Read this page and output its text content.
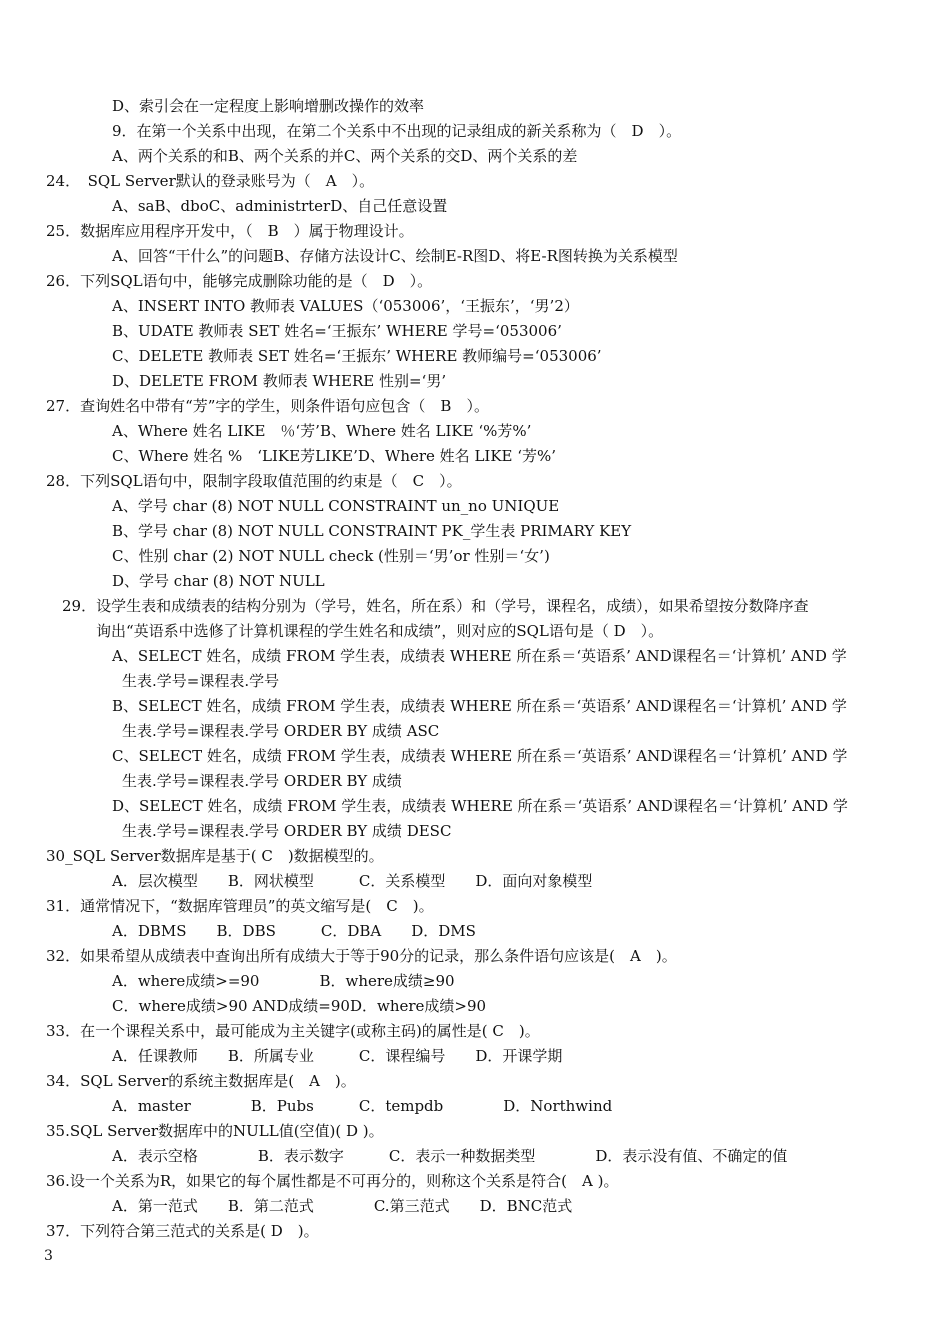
D、索引会在一定程度上影响增删改操作的效率
9．在第一个关系中出现，在第二个关系中不出现的记录组成的新关系称为（　D　）。
A、两个关系的和B、两个关系的并C、两个关系的交D、两个关系的差
24．　SQL Server默认的登录账号为（　A　）。
A、saB、dboC、administrterD、自己任意设置
25．数据库应用程序开发中，（　B　）属于物理设计。
A、回答“干什么”的问题B、存储方法设计C、绘制E-R图D、将E-R图转换为关系模型
26．下列SQL语句中，能够完成删除功能的是（　D　）。
A、INSERT INTO 教师表 VALUES（‘053006’，‘王振东’，‘男’2）
B、UDATE 教师表 SET 姓名=‘王振东’ WHERE 学号=‘053006’
C、DELETE 教师表 SET 姓名=‘王振东’ WHERE 教师编号=‘053006’
D、DELETE FROM 教师表 WHERE 性别=‘男’
27．查询姓名中带有“芳”字的学生，则条件语句应包含（　B　）。
A、Where 姓名 LIKE　％‘芳’B、Where 姓名 LIKE ‘%芳%’
C、Where 姓名 %　‘LIKE芳LIKE’D、Where 姓名 LIKE ‘芳%’
28．下列SQL语句中，限制字段取值范围的约束是（　C　）。
A、学号 char (8) NOT NULL CONSTRAINT un_no UNIQUE
B、学号 char (8) NOT NULL CONSTRAINT PK_学生表 PRIMARY KEY
C、性别 char (2) NOT NULL check (性别＝‘男’or 性别＝‘女’)
D、学号 char (8) NOT NULL
29．设学生表和成绩表的结构分别为（学号，姓名，所在系）和（学号，课程名，成绩），如果希望按分数降序查
询出“英语系中选修了计算机课程的学生姓名和成绩”，则对应的SQL语句是（ D　）。
A、SELECT 姓名，成绩 FROM 学生表，成绩表 WHERE 所在系＝‘英语系’ AND课程名＝‘计算机’ AND 学
生表.学号=课程表.学号
B、SELECT 姓名，成绩 FROM 学生表，成绩表 WHERE 所在系＝‘英语系’ AND课程名＝‘计算机’ AND 学
生表.学号=课程表.学号 ORDER BY 成绩 ASC
C、SELECT 姓名，成绩 FROM 学生表，成绩表 WHERE 所在系＝‘英语系’ AND课程名＝‘计算机’ AND 学
生表.学号=课程表.学号 ORDER BY 成绩
D、SELECT 姓名，成绩 FROM 学生表，成绩表 WHERE 所在系＝‘英语系’ AND课程名＝‘计算机’ AND 学
生表.学号=课程表.学号 ORDER BY 成绩 DESC
30_SQL Server数据库是基于( C　)数据模型的。
A．层次模型　　B．网状模型　　　C．关系模型　　D．面向对象模型
31．通常情况下，“数据库管理员”的英文缩写是(　C　)。
A．DBMS　　B．DBS　　　C．DBA　　D．DMS
32．如果希望从成绩表中查询出所有成绩大于等于90分的记录，那么条件语句应该是(　A　)。
A．where成绩>=90　　　　B．where成绩≥90
C．where成绩>90 AND成绩=90D．where成绩>90
33．在一个课程关系中，最可能成为主关键字(或称主码)的属性是( C　)。
A．任课教师　　B．所属专业　　　C．课程编号　　D．开课学期
34．SQL Server的系统主数据库是(　A　)。
A．master　　　　B．Pubs　　　C．tempdb　　　　D．Northwind
35.SQL Server数据库中的NULL值(空值)( D )。
A．表示空格　　　　B．表示数字　　　C．表示一种数据类型　　　　D．表示没有值、不确定的值
36.设一个关系为R，如果它的每个属性都是不可再分的，则称这个关系是符合(　A )。
A．第一范式　　B．第二范式　　　　C.第三范式　　D．BNC范式
37．下列符合第三范式的关系是( D　)。
3
